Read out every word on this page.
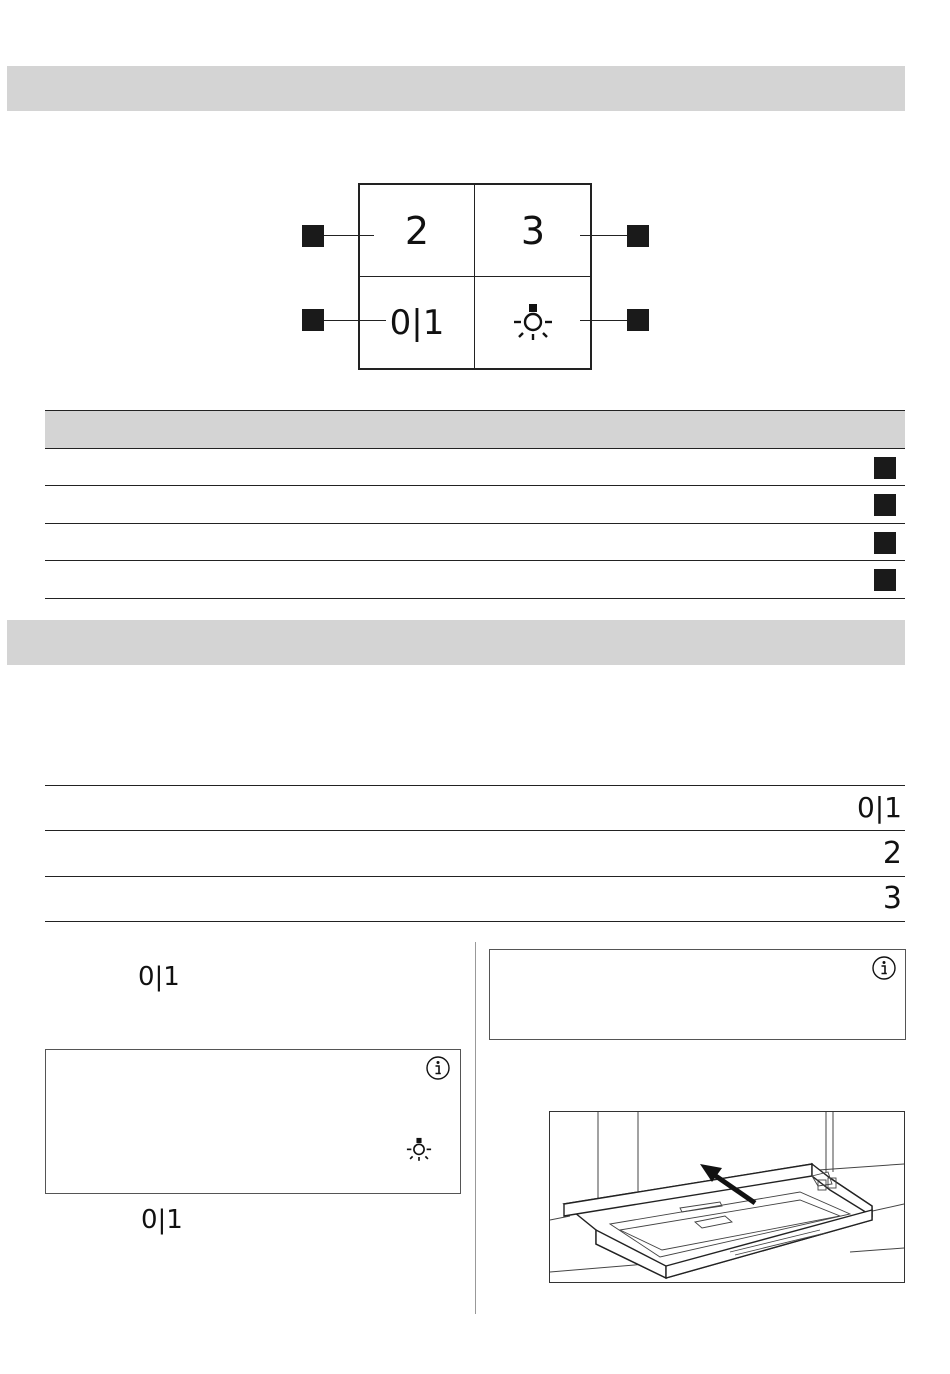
2	3
0|1
0|1
2
3
0|1
0|1
